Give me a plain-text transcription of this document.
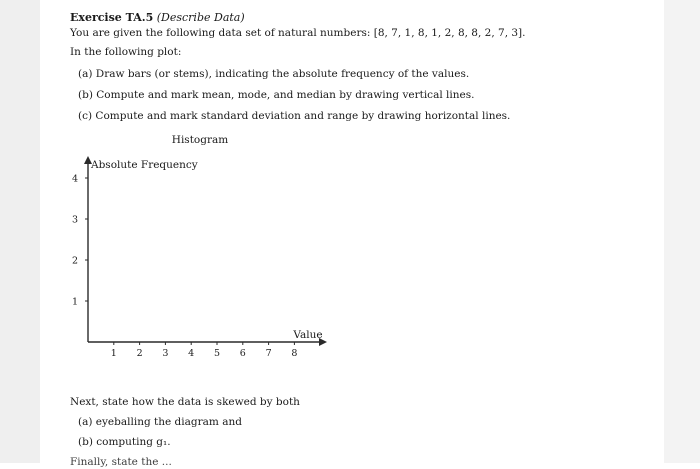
Exercise TA.5 (Describe Data)
You are given the following data set of natural numbers: [8, 7, 1, 8, 1, 2, 8, 8, 2, 7, 3].
In the following plot:
(a) Draw bars (or stems), indicating the absolute frequency of the values.
(b) Compute and mark mean, mode, and median by drawing vertical lines.
(c) Compute and mark standard deviation and range by drawing horizontal lines.
Histogram
Absolute Frequency
Value
1 2 3 4 5 6 7 8
1
2
3
4
Next, state how the data is skewed by both
(a) eyeballing the diagram and
(b) computing g₁.
Finally, state the ...
